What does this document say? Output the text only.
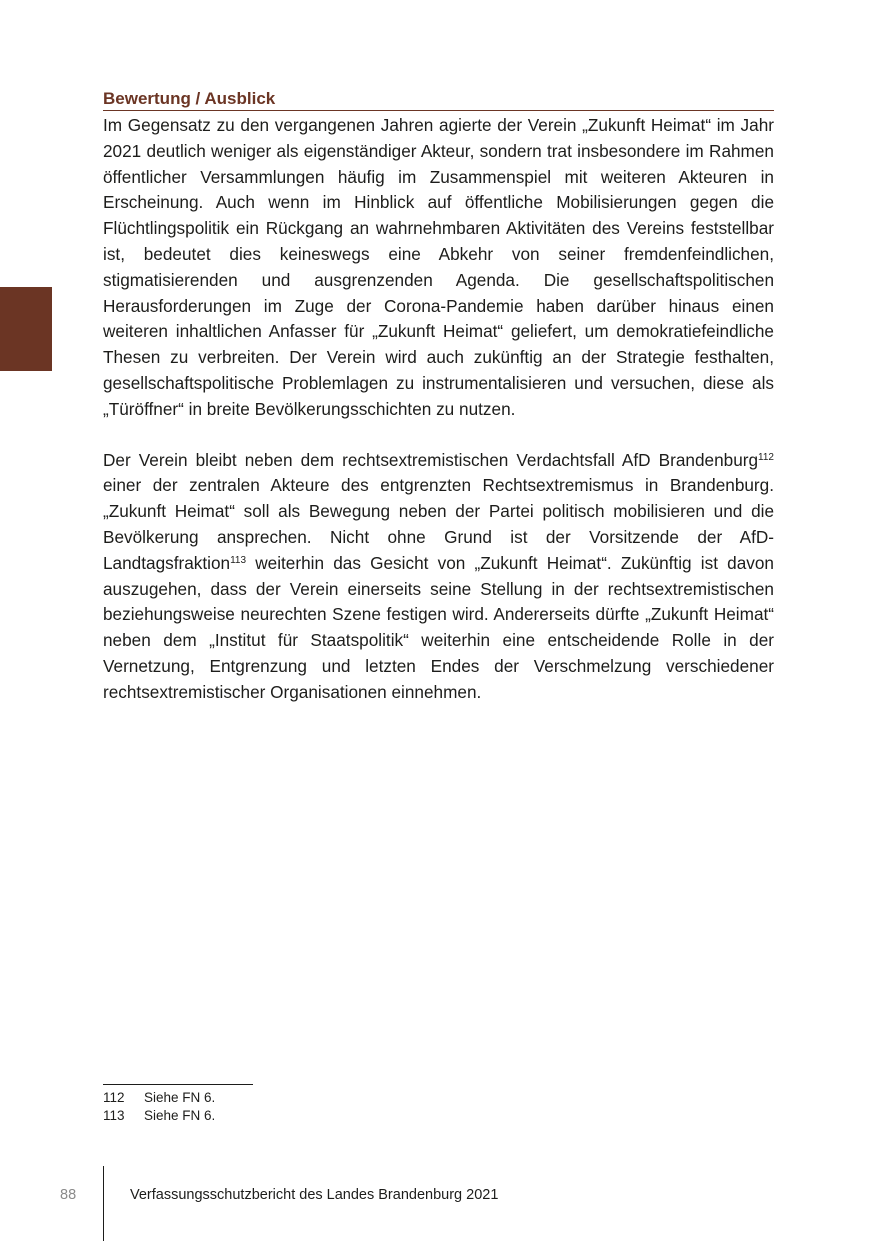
Bewertung / Ausblick

Im Gegensatz zu den vergangenen Jahren agierte der Verein „Zukunft Heimat“ im Jahr 2021 deutlich weniger als eigenständiger Akteur, sondern trat insbesondere im Rahmen öffentlicher Versammlungen häufig im Zusammenspiel mit weiteren Akteuren in Erscheinung. Auch wenn im Hinblick auf öffentliche Mobilisierungen gegen die Flüchtlingspolitik ein Rückgang an wahrnehmbaren Aktivitäten des Vereins feststellbar ist, bedeutet dies keineswegs eine Abkehr von seiner fremdenfeindlichen, stigmatisierenden und ausgrenzenden Agenda. Die gesellschaftspolitischen Herausforderungen im Zuge der Corona-Pandemie haben darüber hinaus einen weiteren inhaltlichen Anfasser für „Zukunft Heimat“ geliefert, um demokratiefeindliche Thesen zu verbreiten. Der Verein wird auch zukünftig an der Strategie festhalten, gesellschaftspolitische Problemlagen zu instrumentalisieren und versuchen, diese als „Türöffner“ in breite Bevölkerungsschichten zu nutzen.

Der Verein bleibt neben dem rechtsextremistischen Verdachtsfall AfD Brandenburg$^{112}$ einer der zentralen Akteure des entgrenzten Rechtsextremismus in Brandenburg. „Zukunft Heimat“ soll als Bewegung neben der Partei politisch mobilisieren und die Bevölkerung ansprechen. Nicht ohne Grund ist der Vorsitzende der AfD-Landtagsfraktion$^{113}$ weiterhin das Gesicht von „Zukunft Heimat“. Zukünftig ist davon auszugehen, dass der Verein einerseits seine Stellung in der rechtsextremistischen beziehungsweise neurechten Szene festigen wird. Andererseits dürfte „Zukunft Heimat“ neben dem „Institut für Staatspolitik“ weiterhin eine entscheidende Rolle in der Vernetzung, Entgrenzung und letzten Endes der Verschmelzung verschiedener rechtsextremistischer Organisationen einnehmen.

112	Siehe FN 6.
113	Siehe FN 6.
88	Verfassungsschutzbericht des Landes Brandenburg 2021
